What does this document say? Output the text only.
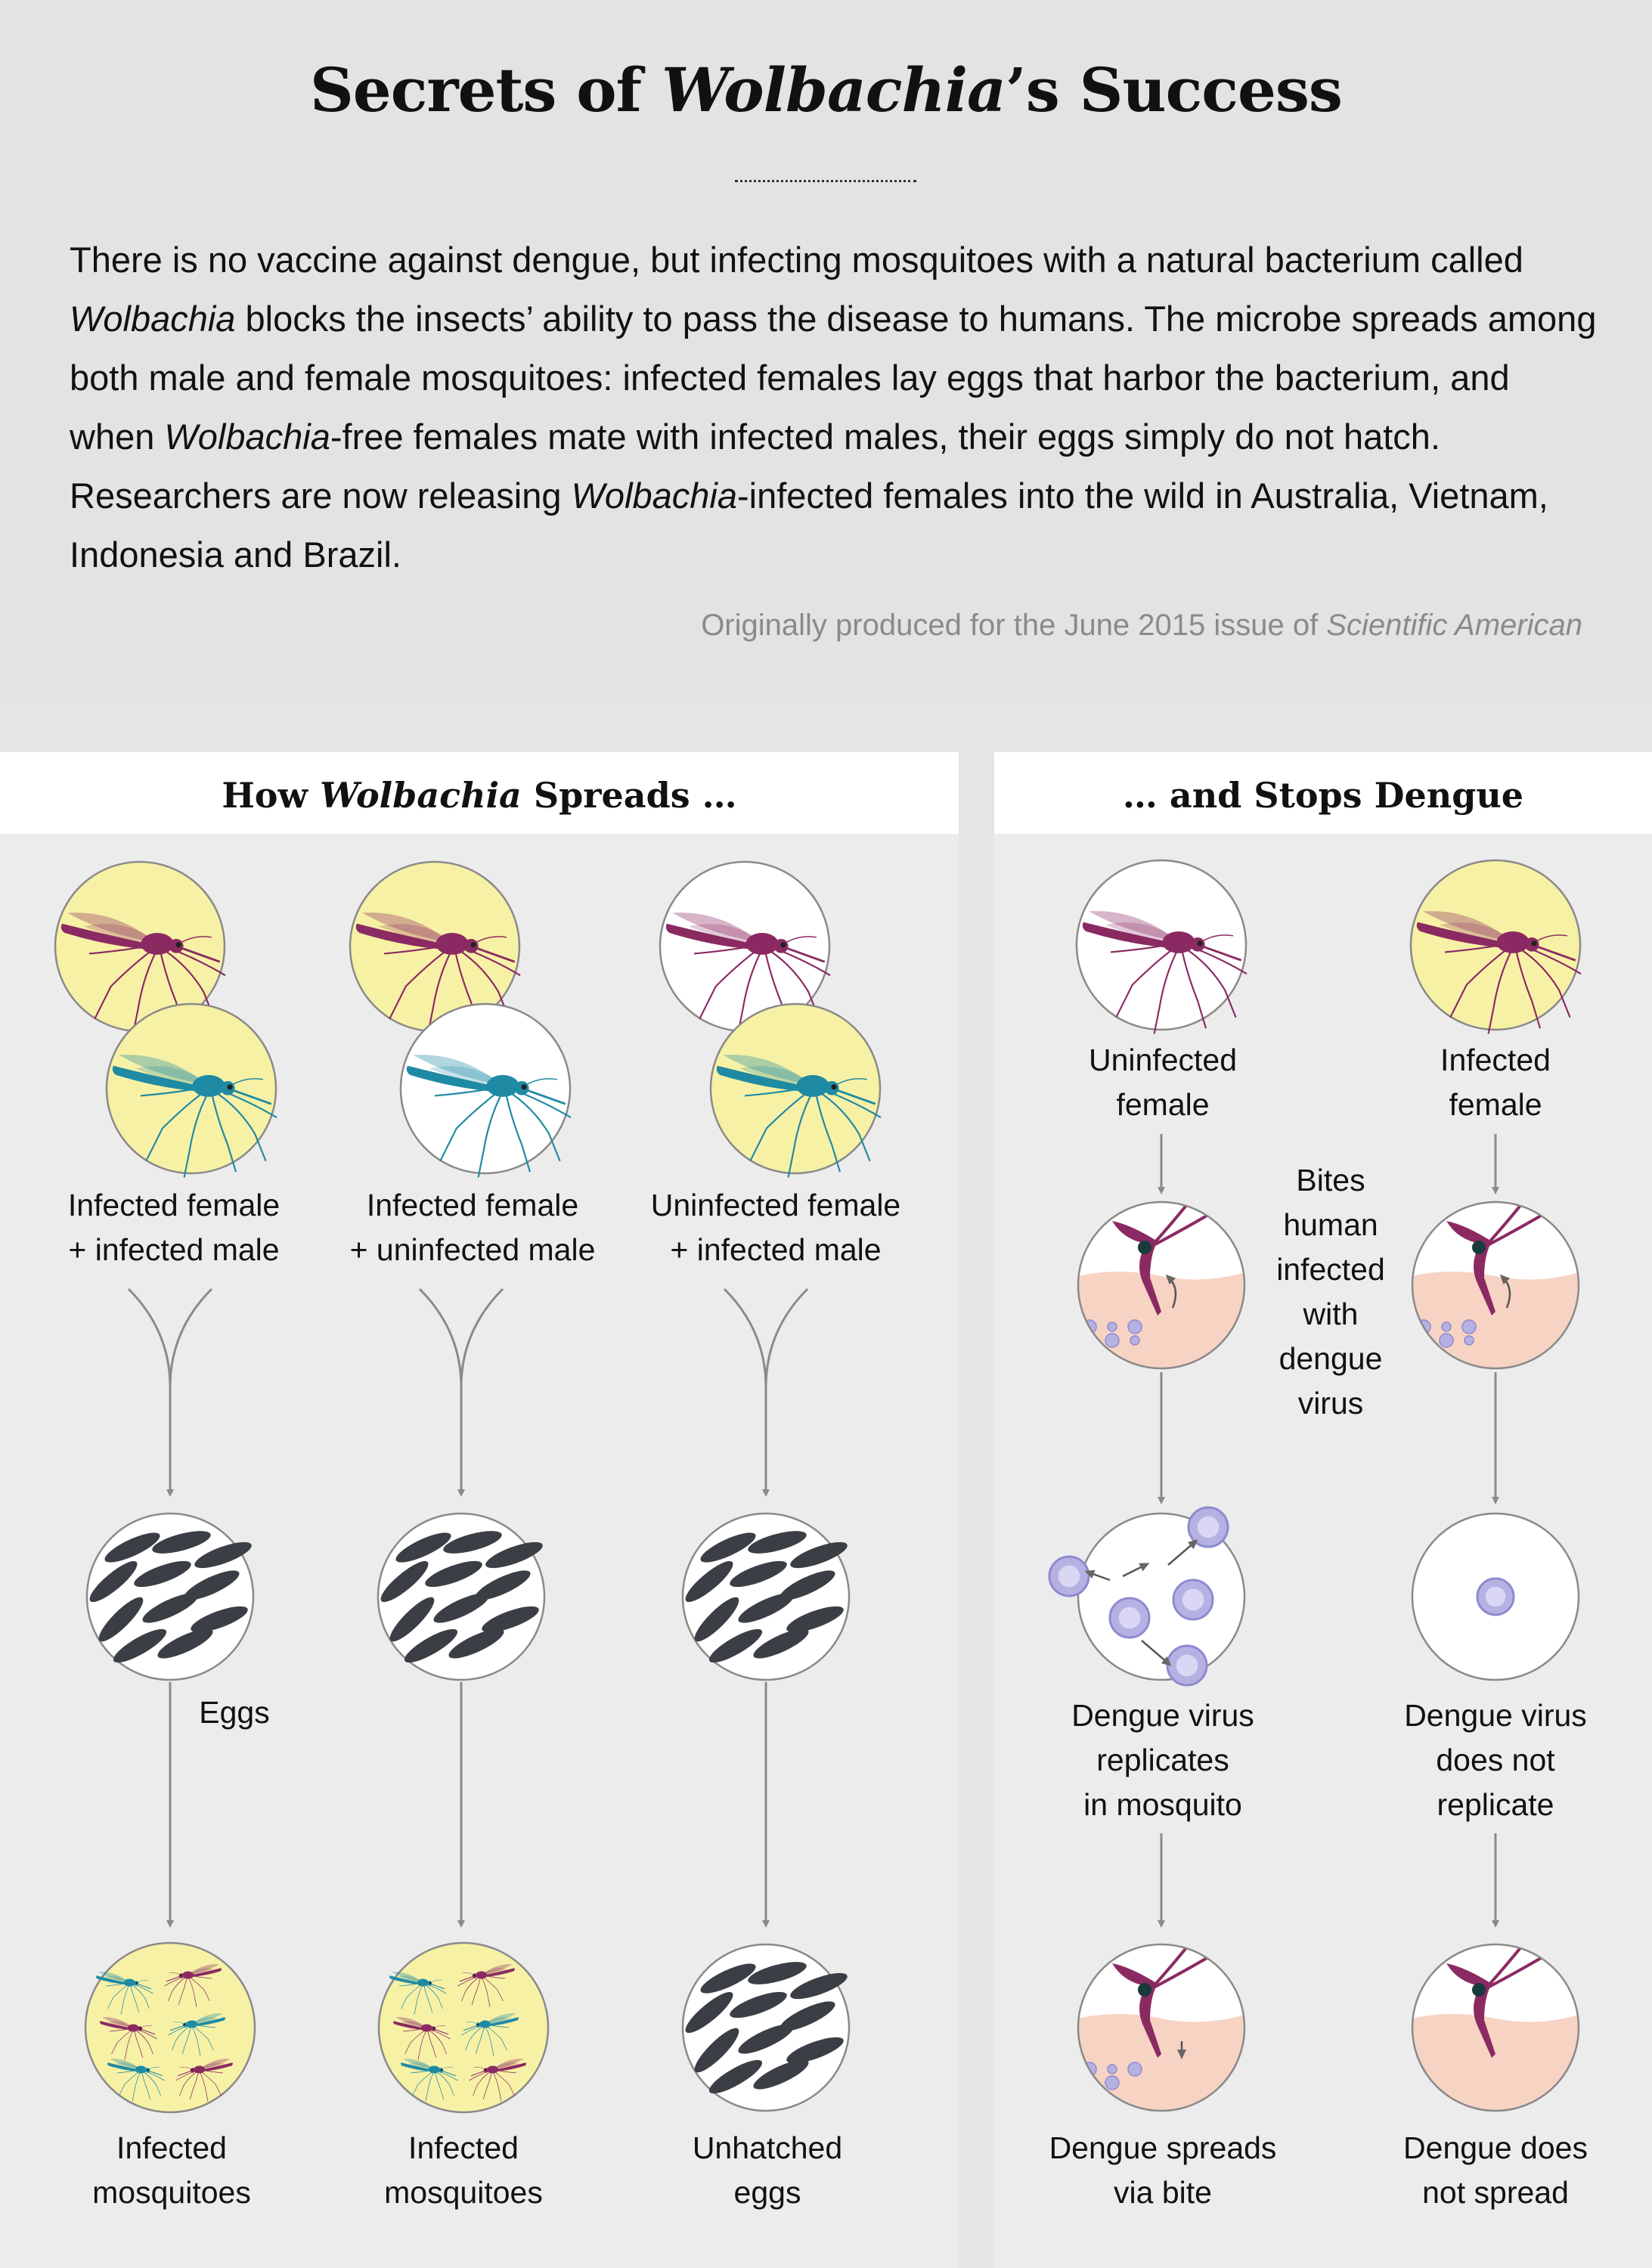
Secrets of Wolbachia’s Success
There is no vaccine against dengue, but infecting mosquitoes with a natural bacterium called Wolbachia blocks the insects’ ability to pass the disease to humans. The microbe spreads among both male and female mosquitoes: infected females lay eggs that harbor the bacterium, and when Wolbachia-free females mate with infected males, their eggs simply do not hatch. Researchers are now releasing Wolbachia-infected females into the wild in Australia, Vietnam, Indonesia and Brazil.
Originally produced for the June 2015 issue of Scientific American
How Wolbachia Spreads …	… and Stops Dengue
Infected female
+ infected male
Infected female
+ uninfected male
Uninfected female
+ infected male
Eggs
Infected
mosquitoes
Infected
mosquitoes
Unhatched
eggs
Uninfected
female
Infected
female
Bites
human
infected
with
dengue
virus
Dengue virus
replicates
in mosquito
Dengue virus
does not
replicate
Dengue spreads
via bite
Dengue does
not spread
